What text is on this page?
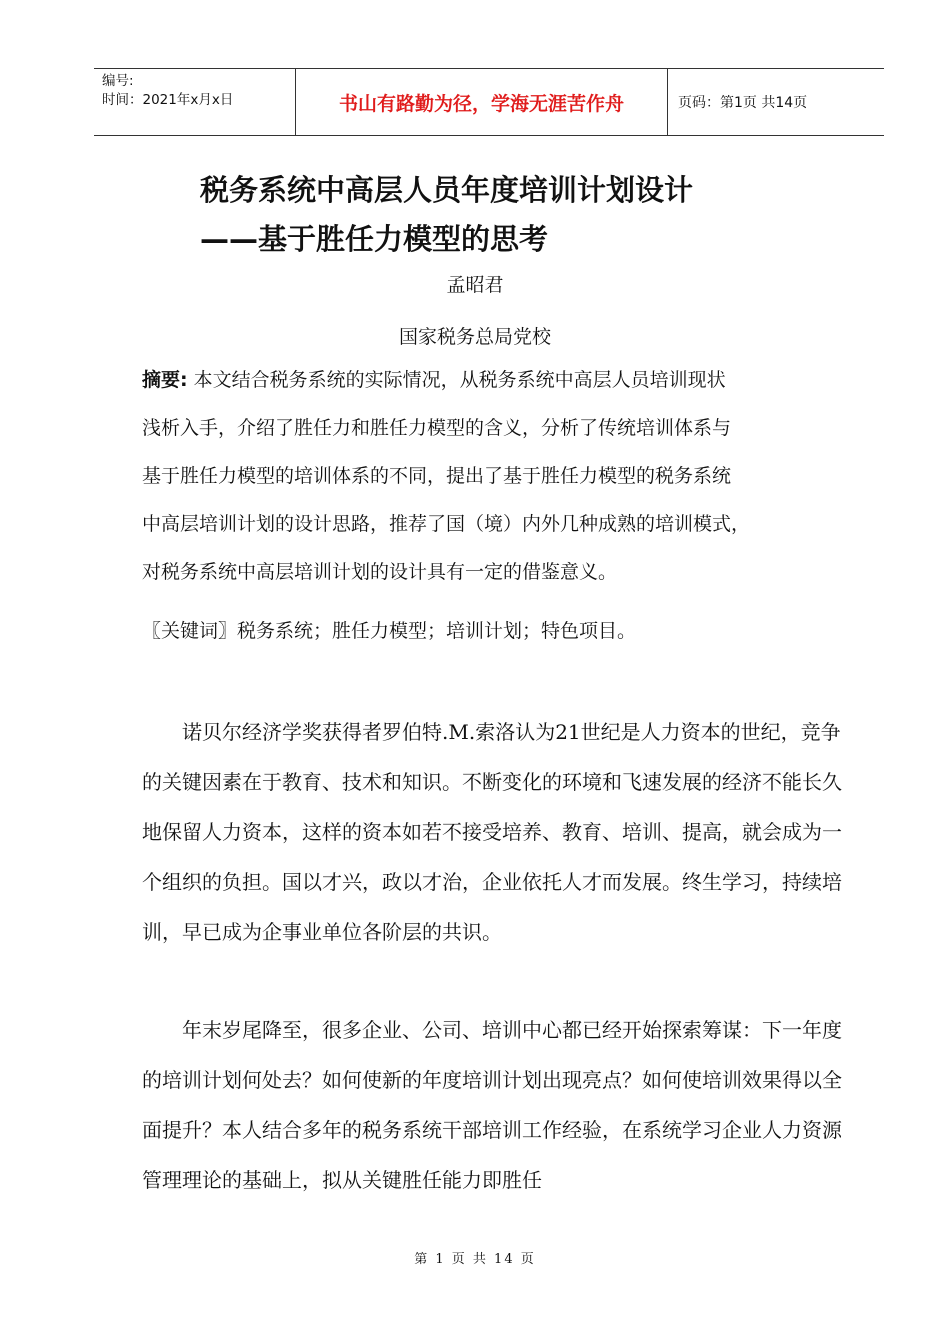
编号:
时间：2021年x月x日	书山有路勤为径，学海无涯苦作舟	页码：第1页 共14页
税务系统中高层人员年度培训计划设计
——基于胜任力模型的思考
孟昭君
国家税务总局党校

摘要: 本文结合税务系统的实际情况，从税务系统中高层人员培训现状

浅析入手，介绍了胜任力和胜任力模型的含义，分析了传统培训体系与

基于胜任力模型的培训体系的不同，提出了基于胜任力模型的税务系统

中高层培训计划的设计思路，推荐了国（境）内外几种成熟的培训模式，

对税务系统中高层培训计划的设计具有一定的借鉴意义。

〖关键词〗税务系统；胜任力模型；培训计划；特色项目。

诺贝尔经济学奖获得者罗伯特.M.索洛认为21世纪是人力资本的世纪，竞争的关键因素在于教育、技术和知识。不断变化的环境和飞速发展的经济不能长久地保留人力资本，这样的资本如若不接受培养、教育、培训、提高，就会成为一个组织的负担。国以才兴，政以才治，企业依托人才而发展。终生学习，持续培训，早已成为企事业单位各阶层的共识。

年末岁尾降至，很多企业、公司、培训中心都已经开始探索筹谋：下一年度的培训计划何处去？如何使新的年度培训计划出现亮点？如何使培训效果得以全面提升？本人结合多年的税务系统干部培训工作经验，在系统学习企业人力资源管理理论的基础上，拟从关键胜任能力即胜任

第 1 页 共 14 页
